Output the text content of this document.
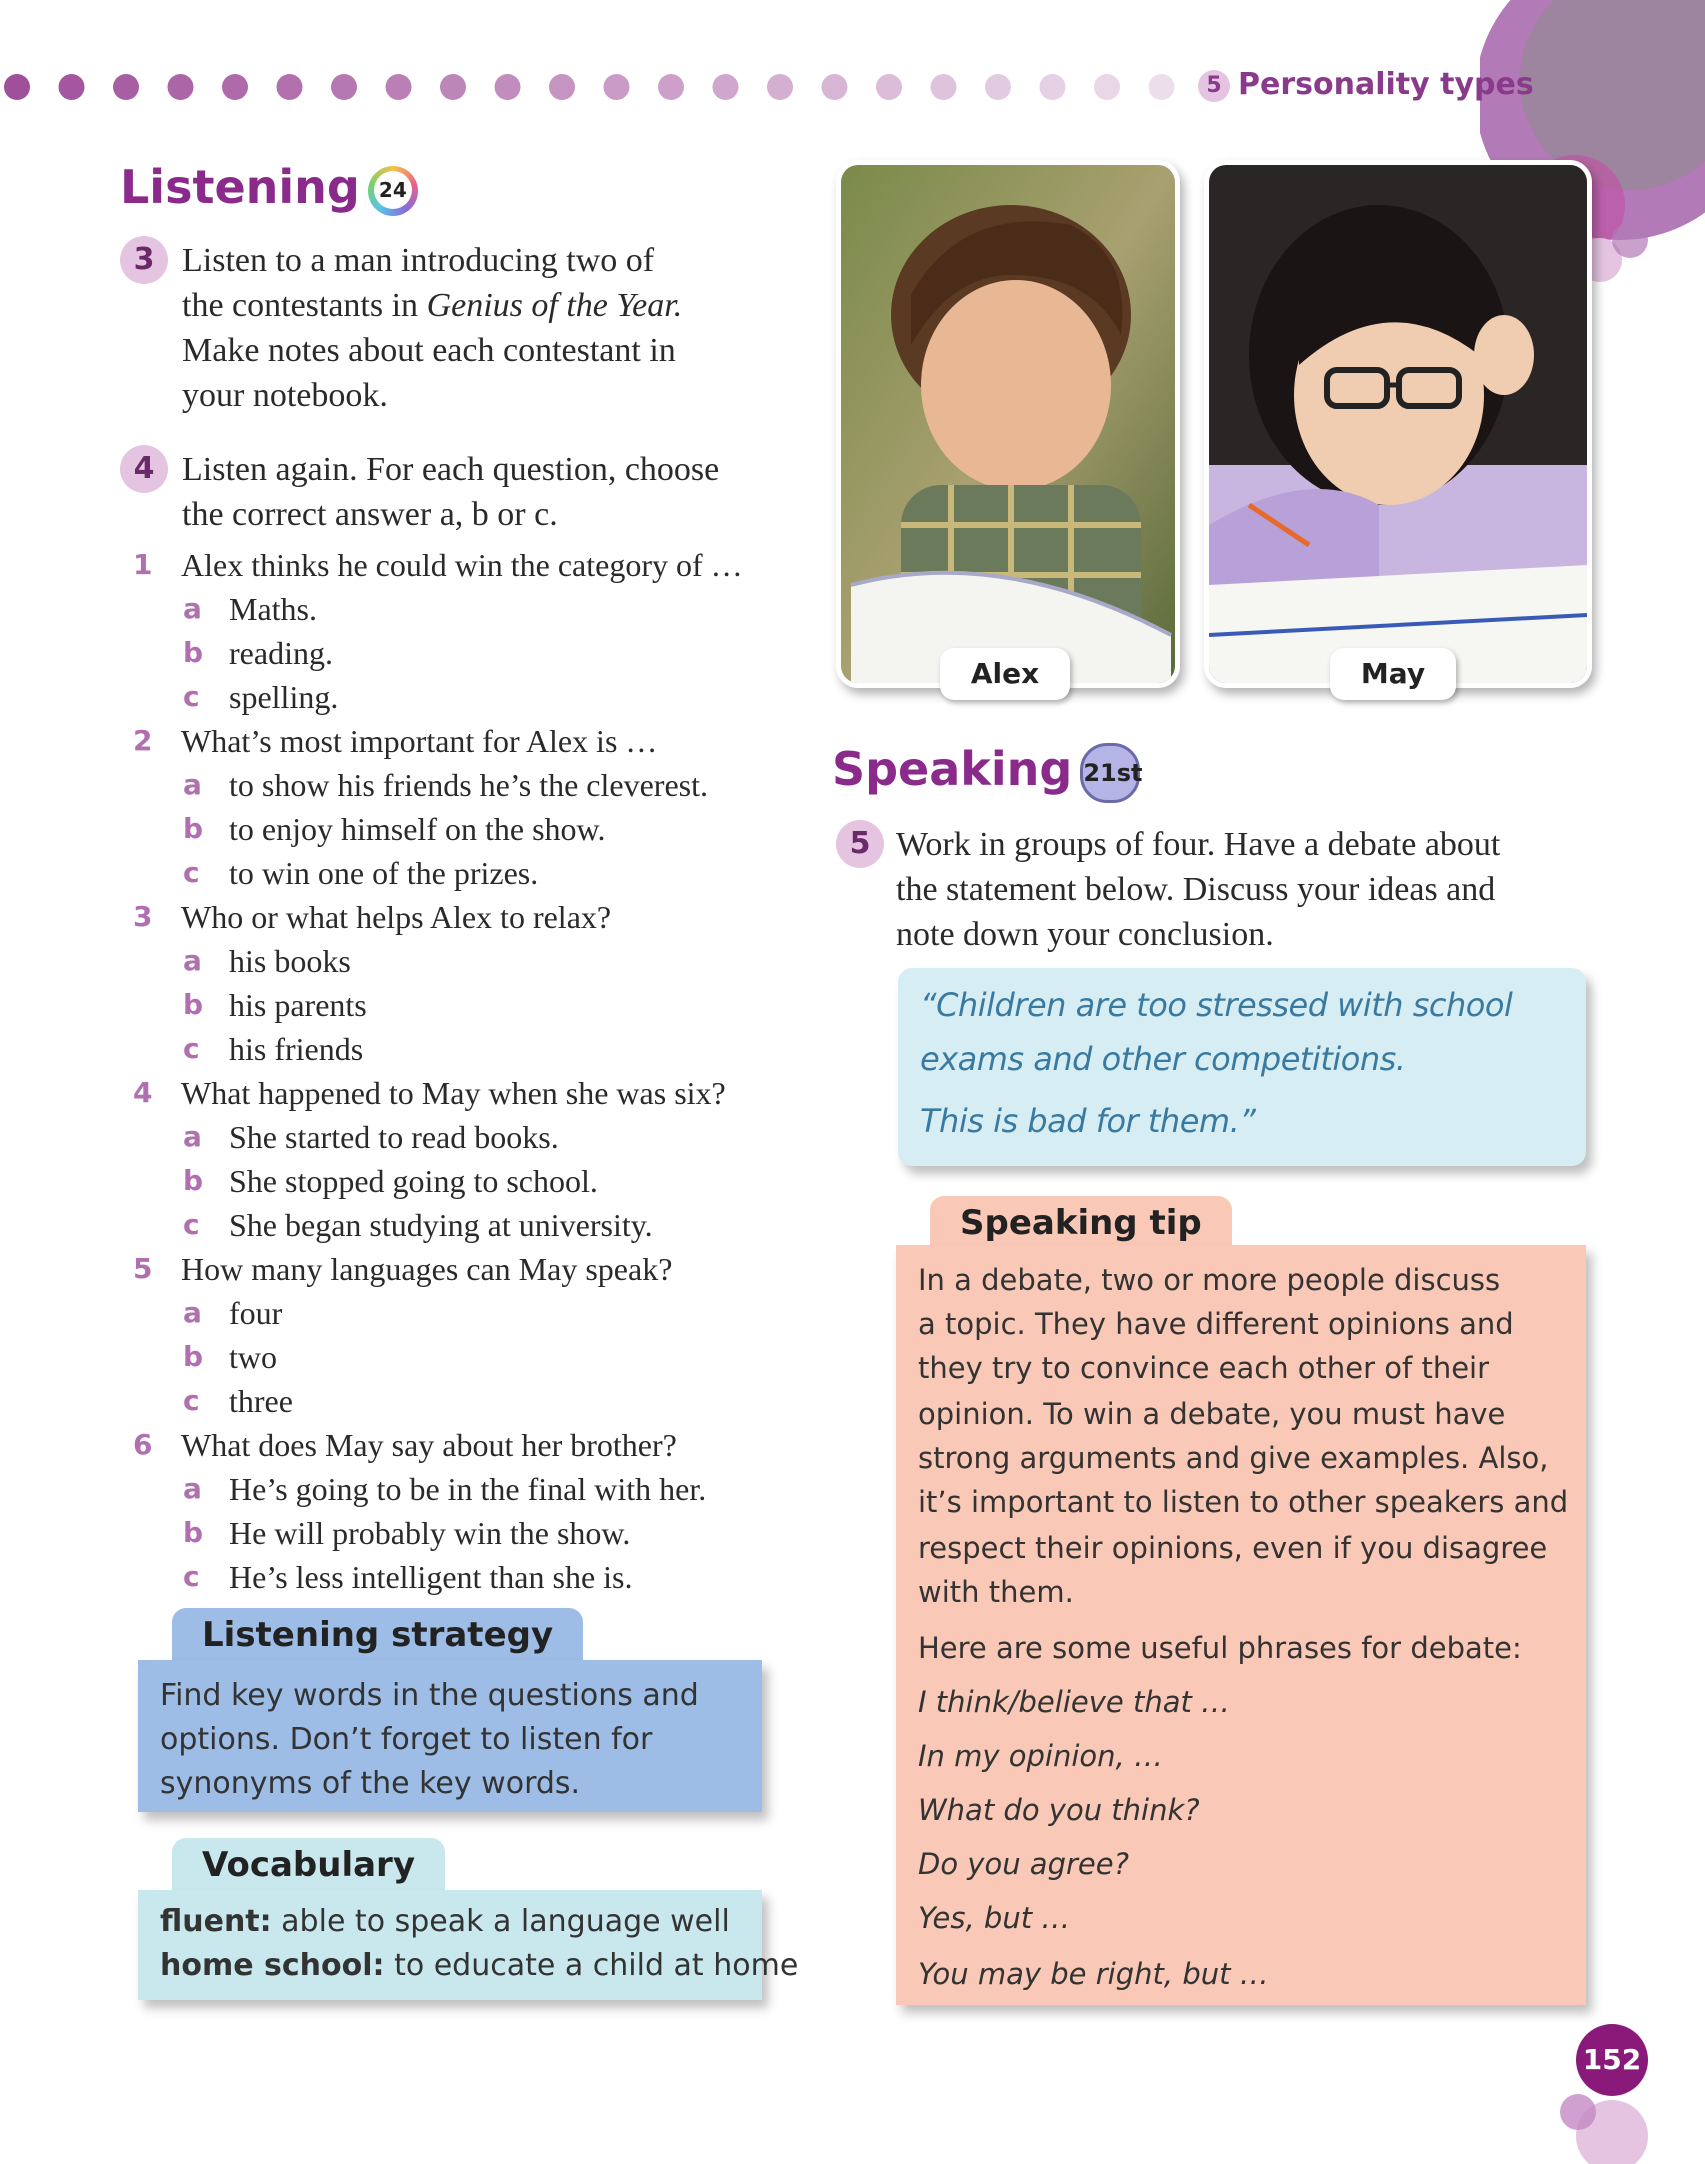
5 Personality types
Listening 24
3 Listen to a man introducing two of
the contestants in Genius of the Year.
Make notes about each contestant in
your notebook.
4 Listen again. For each question, choose
the correct answer a, b or c.
1 Alex thinks he could win the category of …
a Maths.
b reading.
c spelling.
2 What’s most important for Alex is …
a to show his friends he’s the cleverest.
b to enjoy himself on the show.
c to win one of the prizes.
3 Who or what helps Alex to relax?
a his books
b his parents
c his friends
4 What happened to May when she was six?
a She started to read books.
b She stopped going to school.
c She began studying at university.
5 How many languages can May speak?
a four
b two
c three
6 What does May say about her brother?
a He’s going to be in the final with her.
b He will probably win the show.
c He’s less intelligent than she is.
Listening strategy
Find key words in the questions and
options. Don’t forget to listen for
synonyms of the key words.
Vocabulary
fluent: able to speak a language well
home school: to educate a child at home
Alex	May
Speaking 21st
5 Work in groups of four. Have a debate about
the statement below. Discuss your ideas and
note down your conclusion.
“Children are too stressed with school
exams and other competitions.
This is bad for them.”
Speaking tip
In a debate, two or more people discuss
a topic. They have different opinions and
they try to convince each other of their
opinion. To win a debate, you must have
strong arguments and give examples. Also,
it’s important to listen to other speakers and
respect their opinions, even if you disagree
with them.
Here are some useful phrases for debate:
I think/believe that …
In my opinion, …
What do you think?
Do you agree?
Yes, but …
You may be right, but …
152
